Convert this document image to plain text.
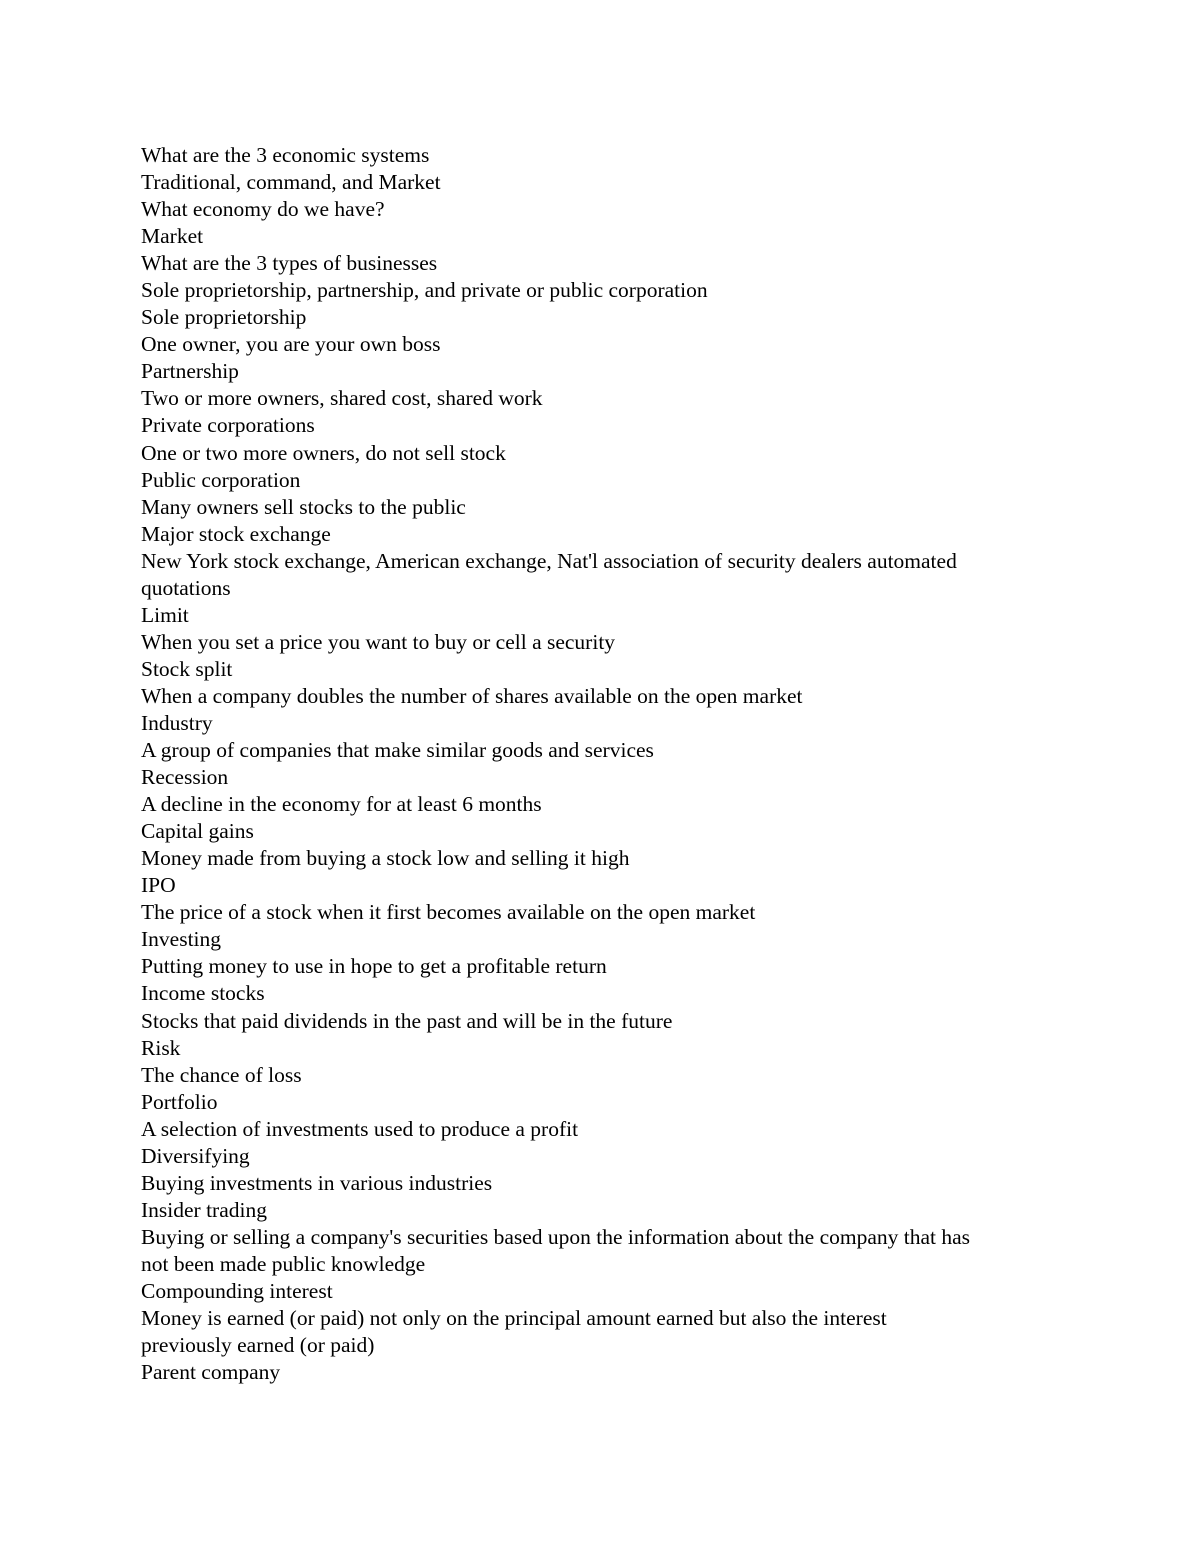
What are the 3 economic systems
Traditional, command, and Market
What economy do we have?
Market
What are the 3 types of businesses
Sole proprietorship, partnership, and private or public corporation
Sole proprietorship
One owner, you are your own boss
Partnership
Two or more owners, shared cost, shared work
Private corporations
One or two more owners, do not sell stock
Public corporation
Many owners sell stocks to the public
Major stock exchange
New York stock exchange, American exchange, Nat'l association of security dealers automated
quotations
Limit
When you set a price you want to buy or cell a security
Stock split
When a company doubles the number of shares available on the open market
Industry
A group of companies that make similar goods and services
Recession
A decline in the economy for at least 6 months
Capital gains
Money made from buying a stock low and selling it high
IPO
The price of a stock when it first becomes available on the open market
Investing
Putting money to use in hope to get a profitable return
Income stocks
Stocks that paid dividends in the past and will be in the future
Risk
The chance of loss
Portfolio
A selection of investments used to produce a profit
Diversifying
Buying investments in various industries
Insider trading
Buying or selling a company's securities based upon the information about the company that has
not been made public knowledge
Compounding interest
Money is earned (or paid) not only on the principal amount earned but also the interest
previously earned (or paid)
Parent company
